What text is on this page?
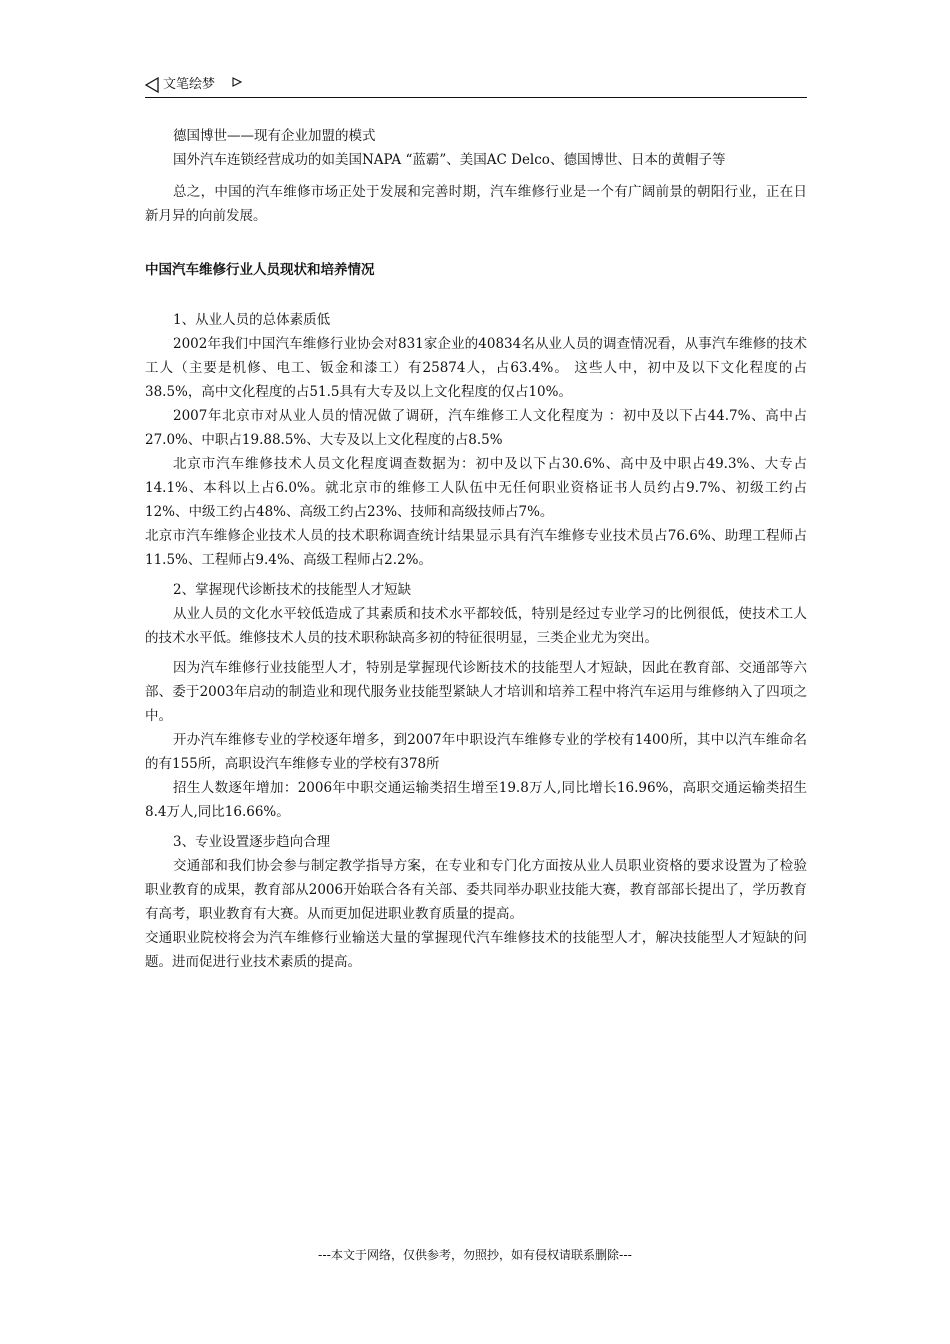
文笔绘梦

德国博世——现有企业加盟的模式

国外汽车连锁经营成功的如美国NAPA “蓝霸”、美国AC Delco、德国博世、日本的黄帽子等

总之，中国的汽车维修市场正处于发展和完善时期，汽车维修行业是一个有广阔前景的朝阳行业，正在日新月异的向前发展。

中国汽车维修行业人员现状和培养情况

1、从业人员的总体素质低

2002年我们中国汽车维修行业协会对831家企业的40834名从业人员的调查情况看，从事汽车维修的技术工人（主要是机修、电工、钣金和漆工）有25874人，占63.4%。 这些人中，初中及以下文化程度的占38.5%，高中文化程度的占51.5具有大专及以上文化程度的仅占10%。

2007年北京市对从业人员的情况做了调研，汽车维修工人文化程度为 ：初中及以下占44.7%、高中占27.0%、中职占19.88.5%、大专及以上文化程度的占8.5%

北京市汽车维修技术人员文化程度调查数据为：初中及以下占30.6%、高中及中职占49.3%、大专占14.1%、本科以上占6.0%。就北京市的维修工人队伍中无任何职业资格证书人员约占9.7%、初级工约占12%、中级工约占48%、高级工约占23%、技师和高级技师占7%。

北京市汽车维修企业技术人员的技术职称调查统计结果显示具有汽车维修专业技术员占76.6%、助理工程师占11.5%、工程师占9.4%、高级工程师占2.2%。

2、掌握现代诊断技术的技能型人才短缺

从业人员的文化水平较低造成了其素质和技术水平都较低，特别是经过专业学习的比例很低，使技术工人的技术水平低。维修技术人员的技术职称缺高多初的特征很明显，三类企业尤为突出。

因为汽车维修行业技能型人才，特别是掌握现代诊断技术的技能型人才短缺，因此在教育部、交通部等六部、委于2003年启动的制造业和现代服务业技能型紧缺人才培训和培养工程中将汽车运用与维修纳入了四项之中。

开办汽车维修专业的学校逐年增多，到2007年中职设汽车维修专业的学校有1400所，其中以汽车维命名的有155所，高职设汽车维修专业的学校有378所

招生人数逐年增加：2006年中职交通运输类招生增至19.8万人,同比增长16.96%，高职交通运输类招生8.4万人,同比16.66%。

3、专业设置逐步趋向合理

交通部和我们协会参与制定教学指导方案，在专业和专门化方面按从业人员职业资格的要求设置为了检验职业教育的成果，教育部从2006开始联合各有关部、委共同举办职业技能大赛，教育部部长提出了，学历教育有高考，职业教育有大赛。从而更加促进职业教育质量的提高。

交通职业院校将会为汽车维修行业输送大量的掌握现代汽车维修技术的技能型人才，解决技能型人才短缺的问题。进而促进行业技术素质的提高。

---本文于网络，仅供参考，勿照抄，如有侵权请联系删除---
